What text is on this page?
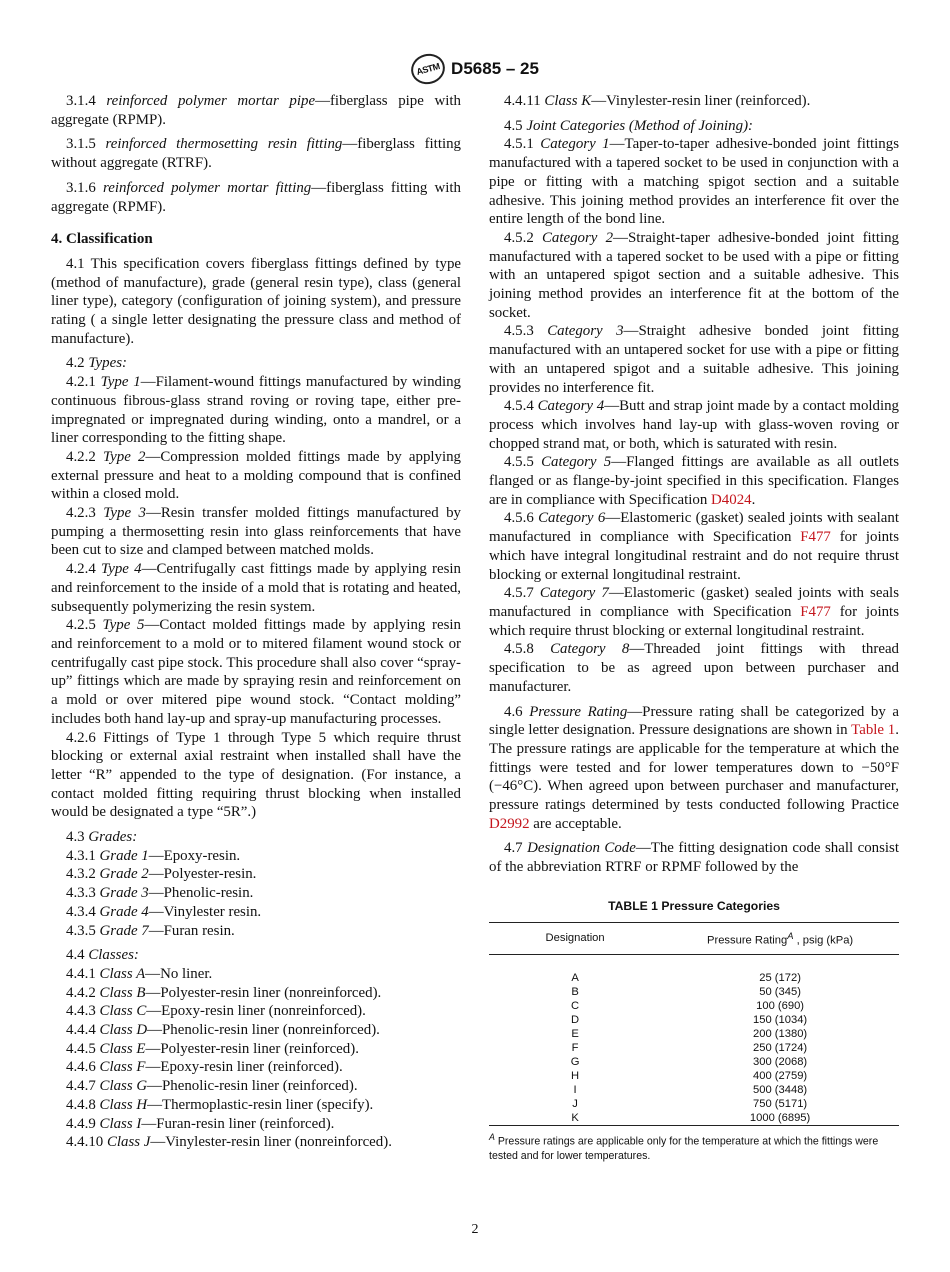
ASTM D5685 – 25

3.1.4 reinforced polymer mortar pipe—fiberglass pipe with aggregate (RPMP).

3.1.5 reinforced thermosetting resin fitting—fiberglass fitting without aggregate (RTRF).

3.1.6 reinforced polymer mortar fitting—fiberglass fitting with aggregate (RPMF).

4. Classification

4.1 This specification covers fiberglass fittings defined by type (method of manufacture), grade (general resin type), class (general liner type), category (configuration of joining system), and pressure rating ( a single letter designating the pressure class and method of manufacture).

4.2 Types:

4.2.1 Type 1—Filament-wound fittings manufactured by winding continuous fibrous-glass strand roving or roving tape, either pre-impregnated or impregnated during winding, onto a mandrel, or a liner corresponding to the fitting shape.

4.2.2 Type 2—Compression molded fittings made by applying external pressure and heat to a molding compound that is confined within a closed mold.

4.2.3 Type 3—Resin transfer molded fittings manufactured by pumping a thermosetting resin into glass reinforcements that have been cut to size and clamped between matched molds.

4.2.4 Type 4—Centrifugally cast fittings made by applying resin and reinforcement to the inside of a mold that is rotating and heated, subsequently polymerizing the resin system.

4.2.5 Type 5—Contact molded fittings made by applying resin and reinforcement to a mold or to mitered filament wound stock or centrifugally cast pipe stock. This procedure shall also cover “spray-up” fittings which are made by spraying resin and reinforcement on a mold or over mitered pipe wound stock. “Contact molding” includes both hand lay-up and spray-up manufacturing processes.

4.2.6 Fittings of Type 1 through Type 5 which require thrust blocking or external axial restraint when installed shall have the letter “R” appended to the type of designation. (For instance, a contact molded fitting requiring thrust blocking when installed would be designated a type “5R”.)

4.3 Grades:

4.3.1 Grade 1—Epoxy-resin.

4.3.2 Grade 2—Polyester-resin.

4.3.3 Grade 3—Phenolic-resin.

4.3.4 Grade 4—Vinylester resin.

4.3.5 Grade 7—Furan resin.

4.4 Classes:

4.4.1 Class A—No liner.

4.4.2 Class B—Polyester-resin liner (nonreinforced).

4.4.3 Class C—Epoxy-resin liner (nonreinforced).

4.4.4 Class D—Phenolic-resin liner (nonreinforced).

4.4.5 Class E—Polyester-resin liner (reinforced).

4.4.6 Class F—Epoxy-resin liner (reinforced).

4.4.7 Class G—Phenolic-resin liner (reinforced).

4.4.8 Class H—Thermoplastic-resin liner (specify).

4.4.9 Class I—Furan-resin liner (reinforced).

4.4.10 Class J—Vinylester-resin liner (nonreinforced).

4.4.11 Class K—Vinylester-resin liner (reinforced).

4.5 Joint Categories (Method of Joining):

4.5.1 Category 1—Taper-to-taper adhesive-bonded joint fittings manufactured with a tapered socket to be used in conjunction with a pipe or fitting with a matching spigot section and a suitable adhesive. This joining method provides an interference fit over the entire length of the bond line.

4.5.2 Category 2—Straight-taper adhesive-bonded joint fitting manufactured with a tapered socket to be used with a pipe or fitting with an untapered spigot section and a suitable adhesive. This joining method provides an interference fit at the bottom of the socket.

4.5.3 Category 3—Straight adhesive bonded joint fitting manufactured with an untapered socket for use with a pipe or fitting with an untapered spigot and a suitable adhesive. This joining provides no interference fit.

4.5.4 Category 4—Butt and strap joint made by a contact molding process which involves hand lay-up with glass-woven roving or chopped strand mat, or both, which is saturated with resin.

4.5.5 Category 5—Flanged fittings are available as all outlets flanged or as flange-by-joint specified in this specification. Flanges are in compliance with Specification D4024.

4.5.6 Category 6—Elastomeric (gasket) sealed joints with sealant manufactured in compliance with Specification F477 for joints which have integral longitudinal restraint and do not require thrust blocking or external longitudinal restraint.

4.5.7 Category 7—Elastomeric (gasket) sealed joints with seals manufactured in compliance with Specification F477 for joints which require thrust blocking or external longitudinal restraint.

4.5.8 Category 8—Threaded joint fittings with thread specification to be as agreed upon between purchaser and manufacturer.

4.6 Pressure Rating—Pressure rating shall be categorized by a single letter designation. Pressure designations are shown in Table 1. The pressure ratings are applicable for the temperature at which the fittings were tested and for lower temperatures down to −50°F (−46°C). When agreed upon between purchaser and manufacturer, pressure ratings determined by tests conducted following Practice D2992 are acceptable.

4.7 Designation Code—The fitting designation code shall consist of the abbreviation RTRF or RPMF followed by the

TABLE 1 Pressure Categories
Designation	Pressure Rating$^A$ , psig (kPa)
A	25 (172)
B	50 (345)
C	100 (690)
D	150 (1034)
E	200 (1380)
F	250 (1724)
G	300 (2068)
H	400 (2759)
I	500 (3448)
J	750 (5171)
K	1000 (6895)
$^A$ Pressure ratings are applicable only for the temperature at which the fittings were tested and for lower temperatures.
2
